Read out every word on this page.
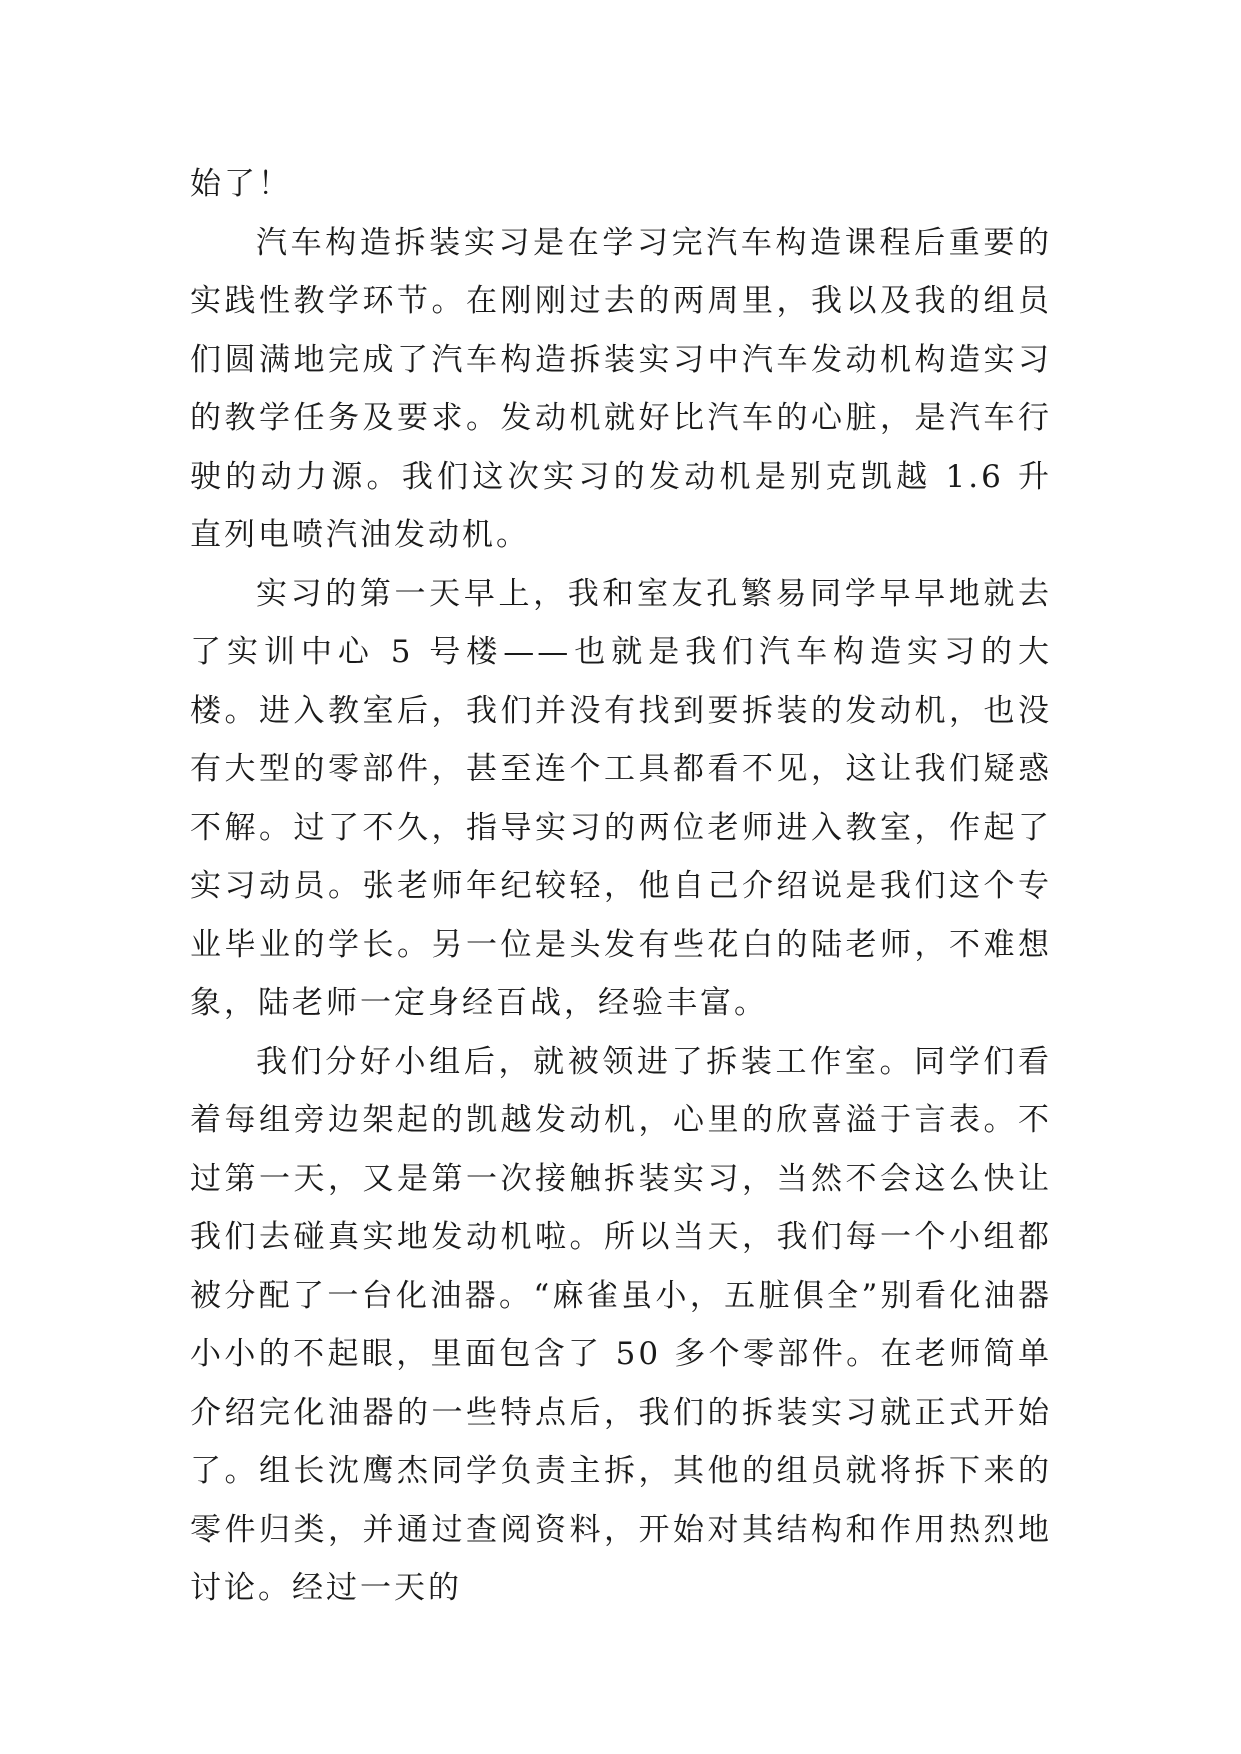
始了！

汽车构造拆装实习是在学习完汽车构造课程后重要的实践性教学环节。在刚刚过去的两周里，我以及我的组员们圆满地完成了汽车构造拆装实习中汽车发动机构造实习的教学任务及要求。发动机就好比汽车的心脏，是汽车行驶的动力源。我们这次实习的发动机是别克凯越 1.6 升直列电喷汽油发动机。

实习的第一天早上，我和室友孔繁易同学早早地就去了实训中心 5 号楼——也就是我们汽车构造实习的大楼。进入教室后，我们并没有找到要拆装的发动机，也没有大型的零部件，甚至连个工具都看不见，这让我们疑惑不解。过了不久，指导实习的两位老师进入教室，作起了实习动员。张老师年纪较轻，他自己介绍说是我们这个专业毕业的学长。另一位是头发有些花白的陆老师，不难想象，陆老师一定身经百战，经验丰富。

我们分好小组后，就被领进了拆装工作室。同学们看着每组旁边架起的凯越发动机，心里的欣喜溢于言表。不过第一天，又是第一次接触拆装实习，当然不会这么快让我们去碰真实地发动机啦。所以当天，我们每一个小组都被分配了一台化油器。“麻雀虽小，五脏俱全”别看化油器小小的不起眼，里面包含了 50 多个零部件。在老师简单介绍完化油器的一些特点后，我们的拆装实习就正式开始了。组长沈鹰杰同学负责主拆，其他的组员就将拆下来的零件归类，并通过查阅资料，开始对其结构和作用热烈地讨论。经过一天的
